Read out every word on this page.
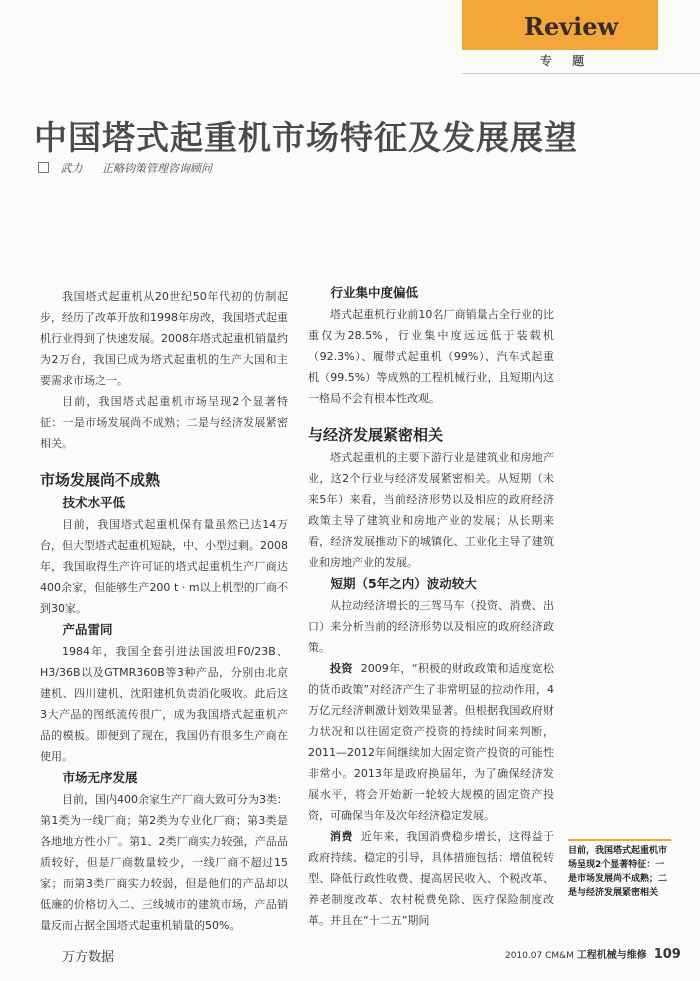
Review
专 题
中国塔式起重机市场特征及发展展望
武力 正略钧策管理咨询顾问

我国塔式起重机从20世纪50年代初的仿制起步，经历了改革开放和1998年房改，我国塔式起重机行业得到了快速发展。2008年塔式起重机销量约为2万台，我国已成为塔式起重机的生产大国和主要需求市场之一。

目前，我国塔式起重机市场呈现2个显著特征：一是市场发展尚不成熟；二是与经济发展紧密相关。

市场发展尚不成熟
技术水平低

目前，我国塔式起重机保有量虽然已达14万台，但大型塔式起重机短缺，中、小型过剩。2008年，我国取得生产许可证的塔式起重机生产厂商达400余家，但能够生产200 t · m以上机型的厂商不到30家。

产品雷同

1984年，我国全套引进法国波坦F0/23B、H3/36B以及GTMR360B等3种产品，分别由北京建机、四川建机、沈阳建机负责消化吸收。此后这3大产品的图纸流传很广，成为我国塔式起重机产品的模板。即便到了现在，我国仍有很多生产商在使用。

市场无序发展

目前，国内400余家生产厂商大致可分为3类：第1类为一线厂商；第2类为专业化厂商；第3类是各地地方性小厂。第1、2类厂商实力较强，产品品质较好，但是厂商数量较少，一线厂商不超过15家；而第3类厂商实力较弱，但是他们的产品却以低廉的价格切入二、三线城市的建筑市场，产品销量反而占据全国塔式起重机销量的50%。

行业集中度偏低

塔式起重机行业前10名厂商销量占全行业的比重仅为28.5%，行业集中度远远低于装载机（92.3%）、履带式起重机（99%）、汽车式起重机（99.5%）等成熟的工程机械行业，且短期内这一格局不会有根本性改观。

与经济发展紧密相关

塔式起重机的主要下游行业是建筑业和房地产业，这2个行业与经济发展紧密相关。从短期（未来5年）来看，当前经济形势以及相应的政府经济政策主导了建筑业和房地产业的发展；从长期来看，经济发展推动下的城镇化、工业化主导了建筑业和房地产业的发展。

短期（5年之内）波动较大

从拉动经济增长的三驾马车（投资、消费、出口）来分析当前的经济形势以及相应的政府经济政策。

投资 2009年，“积极的财政政策和适度宽松的货币政策”对经济产生了非常明显的拉动作用，4万亿元经济刺激计划效果显著。但根据我国政府财力状况和以往固定资产投资的持续时间来判断，2011—2012年间继续加大固定资产投资的可能性非常小。2013年是政府换届年，为了确保经济发展水平，将会开始新一轮较大规模的固定资产投资，可确保当年及次年经济稳定发展。

消费 近年来，我国消费稳步增长，这得益于政府持续、稳定的引导，具体措施包括：增值税转型、降低行政性收费、提高居民收入、个税改革、养老制度改革、农村税费免除、医疗保险制度改革。并且在“十二五”期间

目前，我国塔式起重机市场呈现2个显著特征：一是市场发展尚不成熟；二是与经济发展紧密相关
万方数据	2010.07 CM&M 工程机械与维修 109
